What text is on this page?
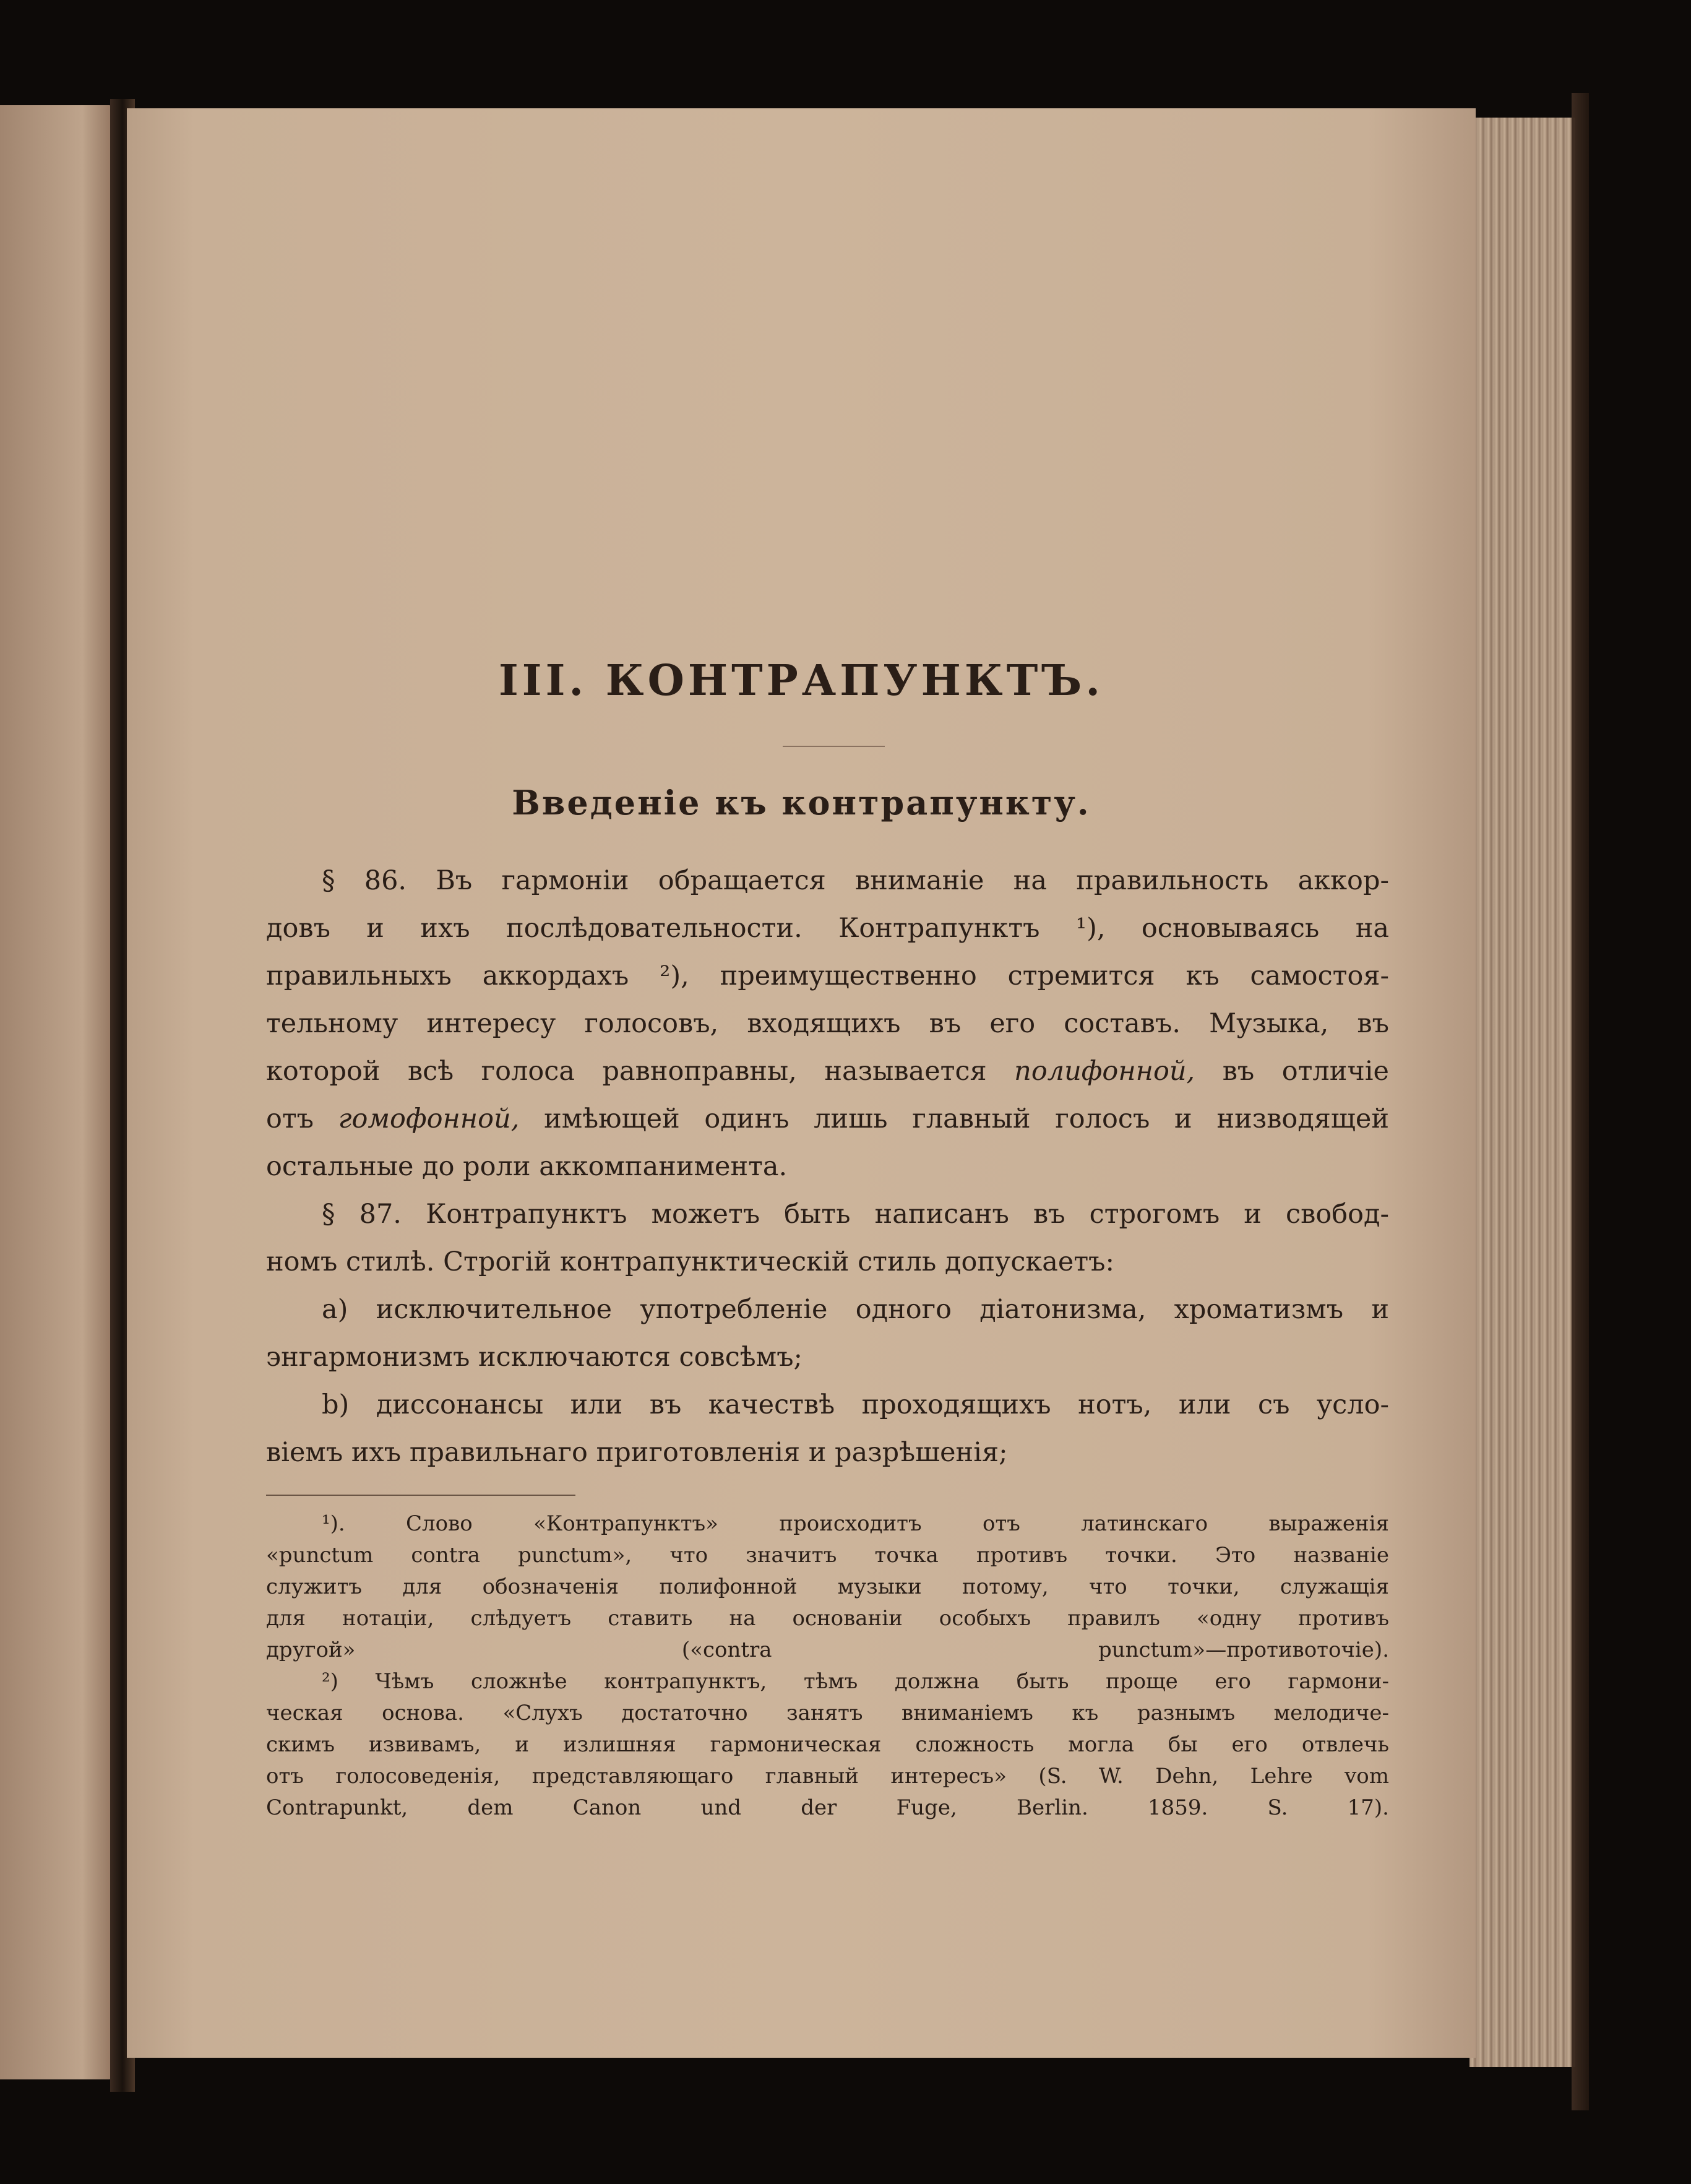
III. КОНТРАПУНКТЪ.
Введеніе къ контрапункту.
§ 86. Въ гармоніи обращается вниманіе на правильность аккор-
довъ и ихъ послѣдовательности. Контрапунктъ ¹), основываясь на
правильныхъ аккордахъ ²), преимущественно стремится къ самостоя-
тельному интересу голосовъ, входящихъ въ его составъ. Музыка, въ
которой всѣ голоса равноправны, называется полифонной, въ отличіе
отъ гомофонной, имѣющей одинъ лишь главный голосъ и низводящей
остальные до роли аккомпанимента.
§ 87. Контрапунктъ можетъ быть написанъ въ строгомъ и свобод-
номъ стилѣ. Строгій контрапунктическій стиль допускаетъ:
а) исключительное употребленіе одного діатонизма, хроматизмъ и
энгармонизмъ исключаются совсѣмъ;
b) диссонансы или въ качествѣ проходящихъ нотъ, или съ усло-
віемъ ихъ правильнаго приготовленія и разрѣшенія;
¹). Слово «Контрапунктъ» происходитъ отъ латинскаго выраженія
«punctum contra punctum», что значитъ точка противъ точки. Это названіе
служитъ для обозначенія полифонной музыки потому, что точки, служащія
для нотаціи, слѣдуетъ ставить на основаніи особыхъ правилъ «одну противъ
другой» («contra punctum»—противоточіе).
²) Чѣмъ сложнѣе контрапунктъ, тѣмъ должна быть проще его гармони-
ческая основа. «Слухъ достаточно занятъ вниманіемъ къ разнымъ мелодиче-
скимъ извивамъ, и излишняя гармоническая сложность могла бы его отвлечь
отъ голосоведенія, представляющаго главный интересъ» (S. W. Dehn, Lehre vom
Contrapunkt, dem Canon und der Fuge, Berlin. 1859. S. 17).
